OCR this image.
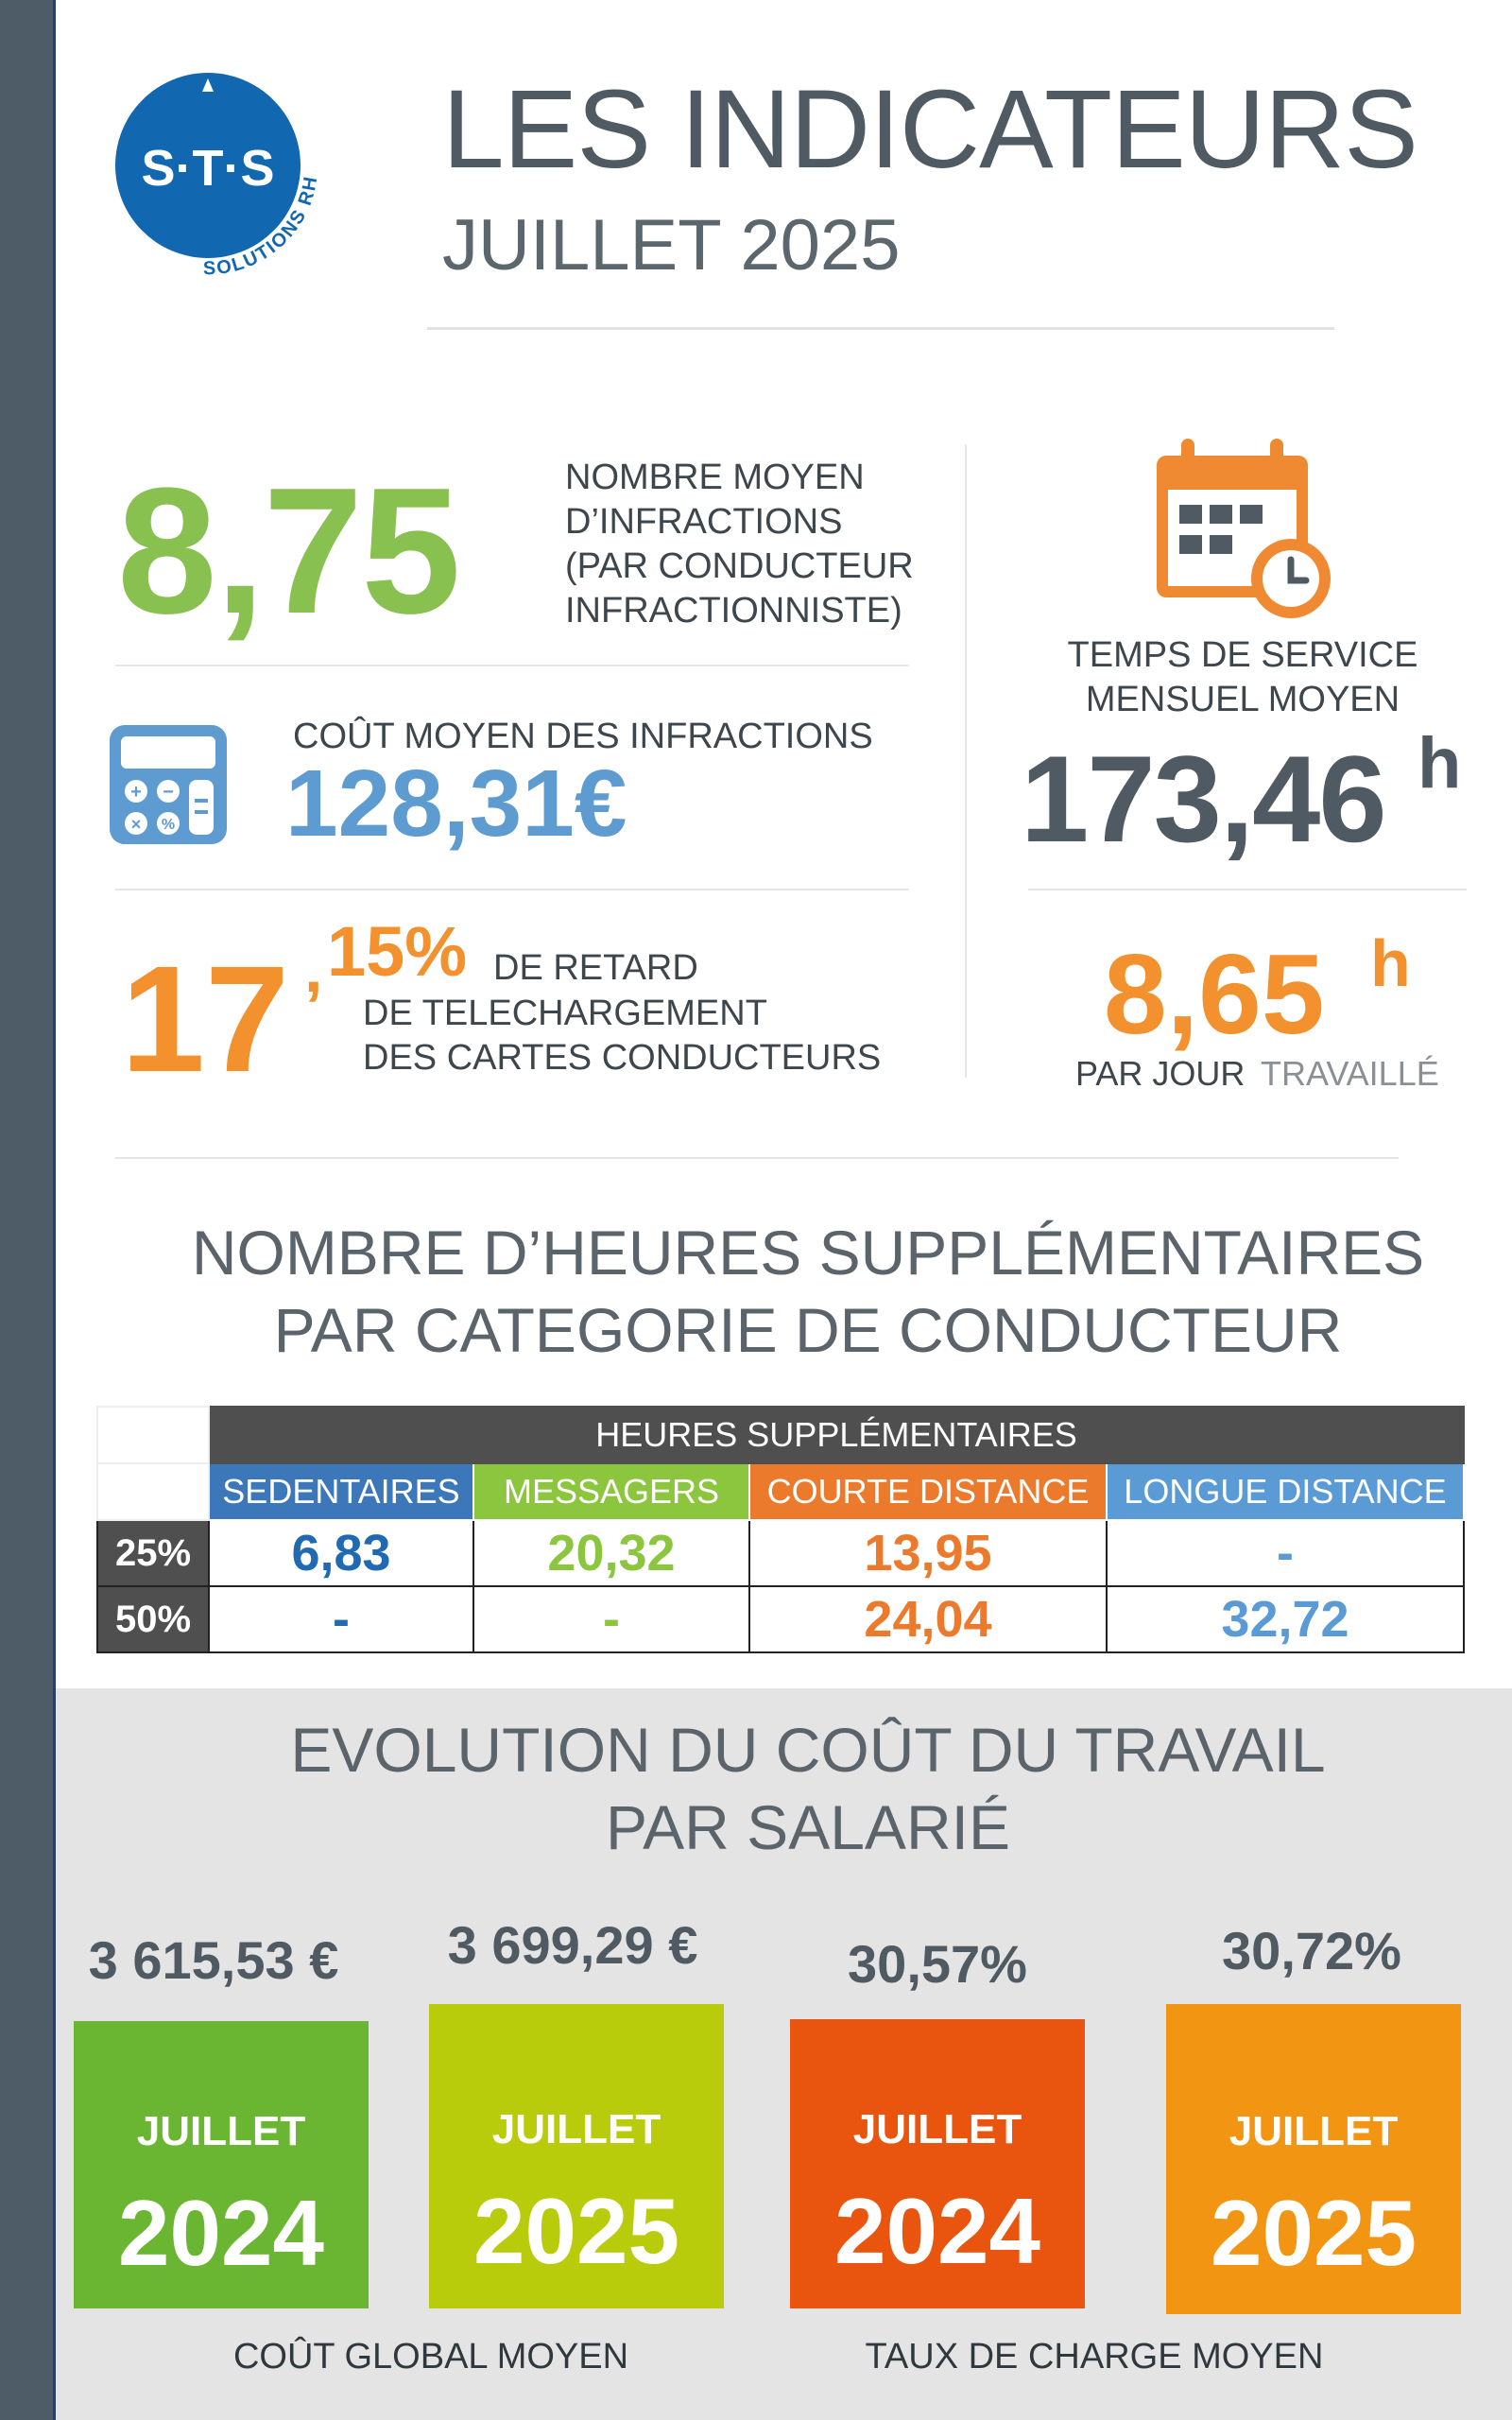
S·T·S
SOLUTIONS RH LES INDICATEURS
JUILLET 2025
8,75	NOMBRE MOYEN
D’INFRACTIONS
(PAR CONDUCTEUR
INFRACTIONNISTE)
+ −
× %
COÛT MOYEN DES INFRACTIONS
128,31€
17 , 15% DE RETARD
DE TELECHARGEMENT
DES CARTES CONDUCTEURS
TEMPS DE SERVICE
MENSUEL MOYEN
173,46 h
8,65 h
PAR JOUR TRAVAILLÉ
NOMBRE D’HEURES SUPPLÉMENTAIRES
PAR CATEGORIE DE CONDUCTEUR
	HEURES SUPPLÉMENTAIRES			
	SEDENTAIRES	MESSAGERS	COURTE DISTANCE	LONGUE DISTANCE
25%	6,83	20,32	13,95	-
50%	-	-	24,04	32,72
EVOLUTION DU COÛT DU TRAVAIL
PAR SALARIÉ
3 615,53 € 3 699,29 €	30,57%	30,72%
JUILLET
2024
JUILLET
2025
JUILLET
2024
JUILLET
2025
COÛT GLOBAL MOYEN	TAUX DE CHARGE MOYEN
